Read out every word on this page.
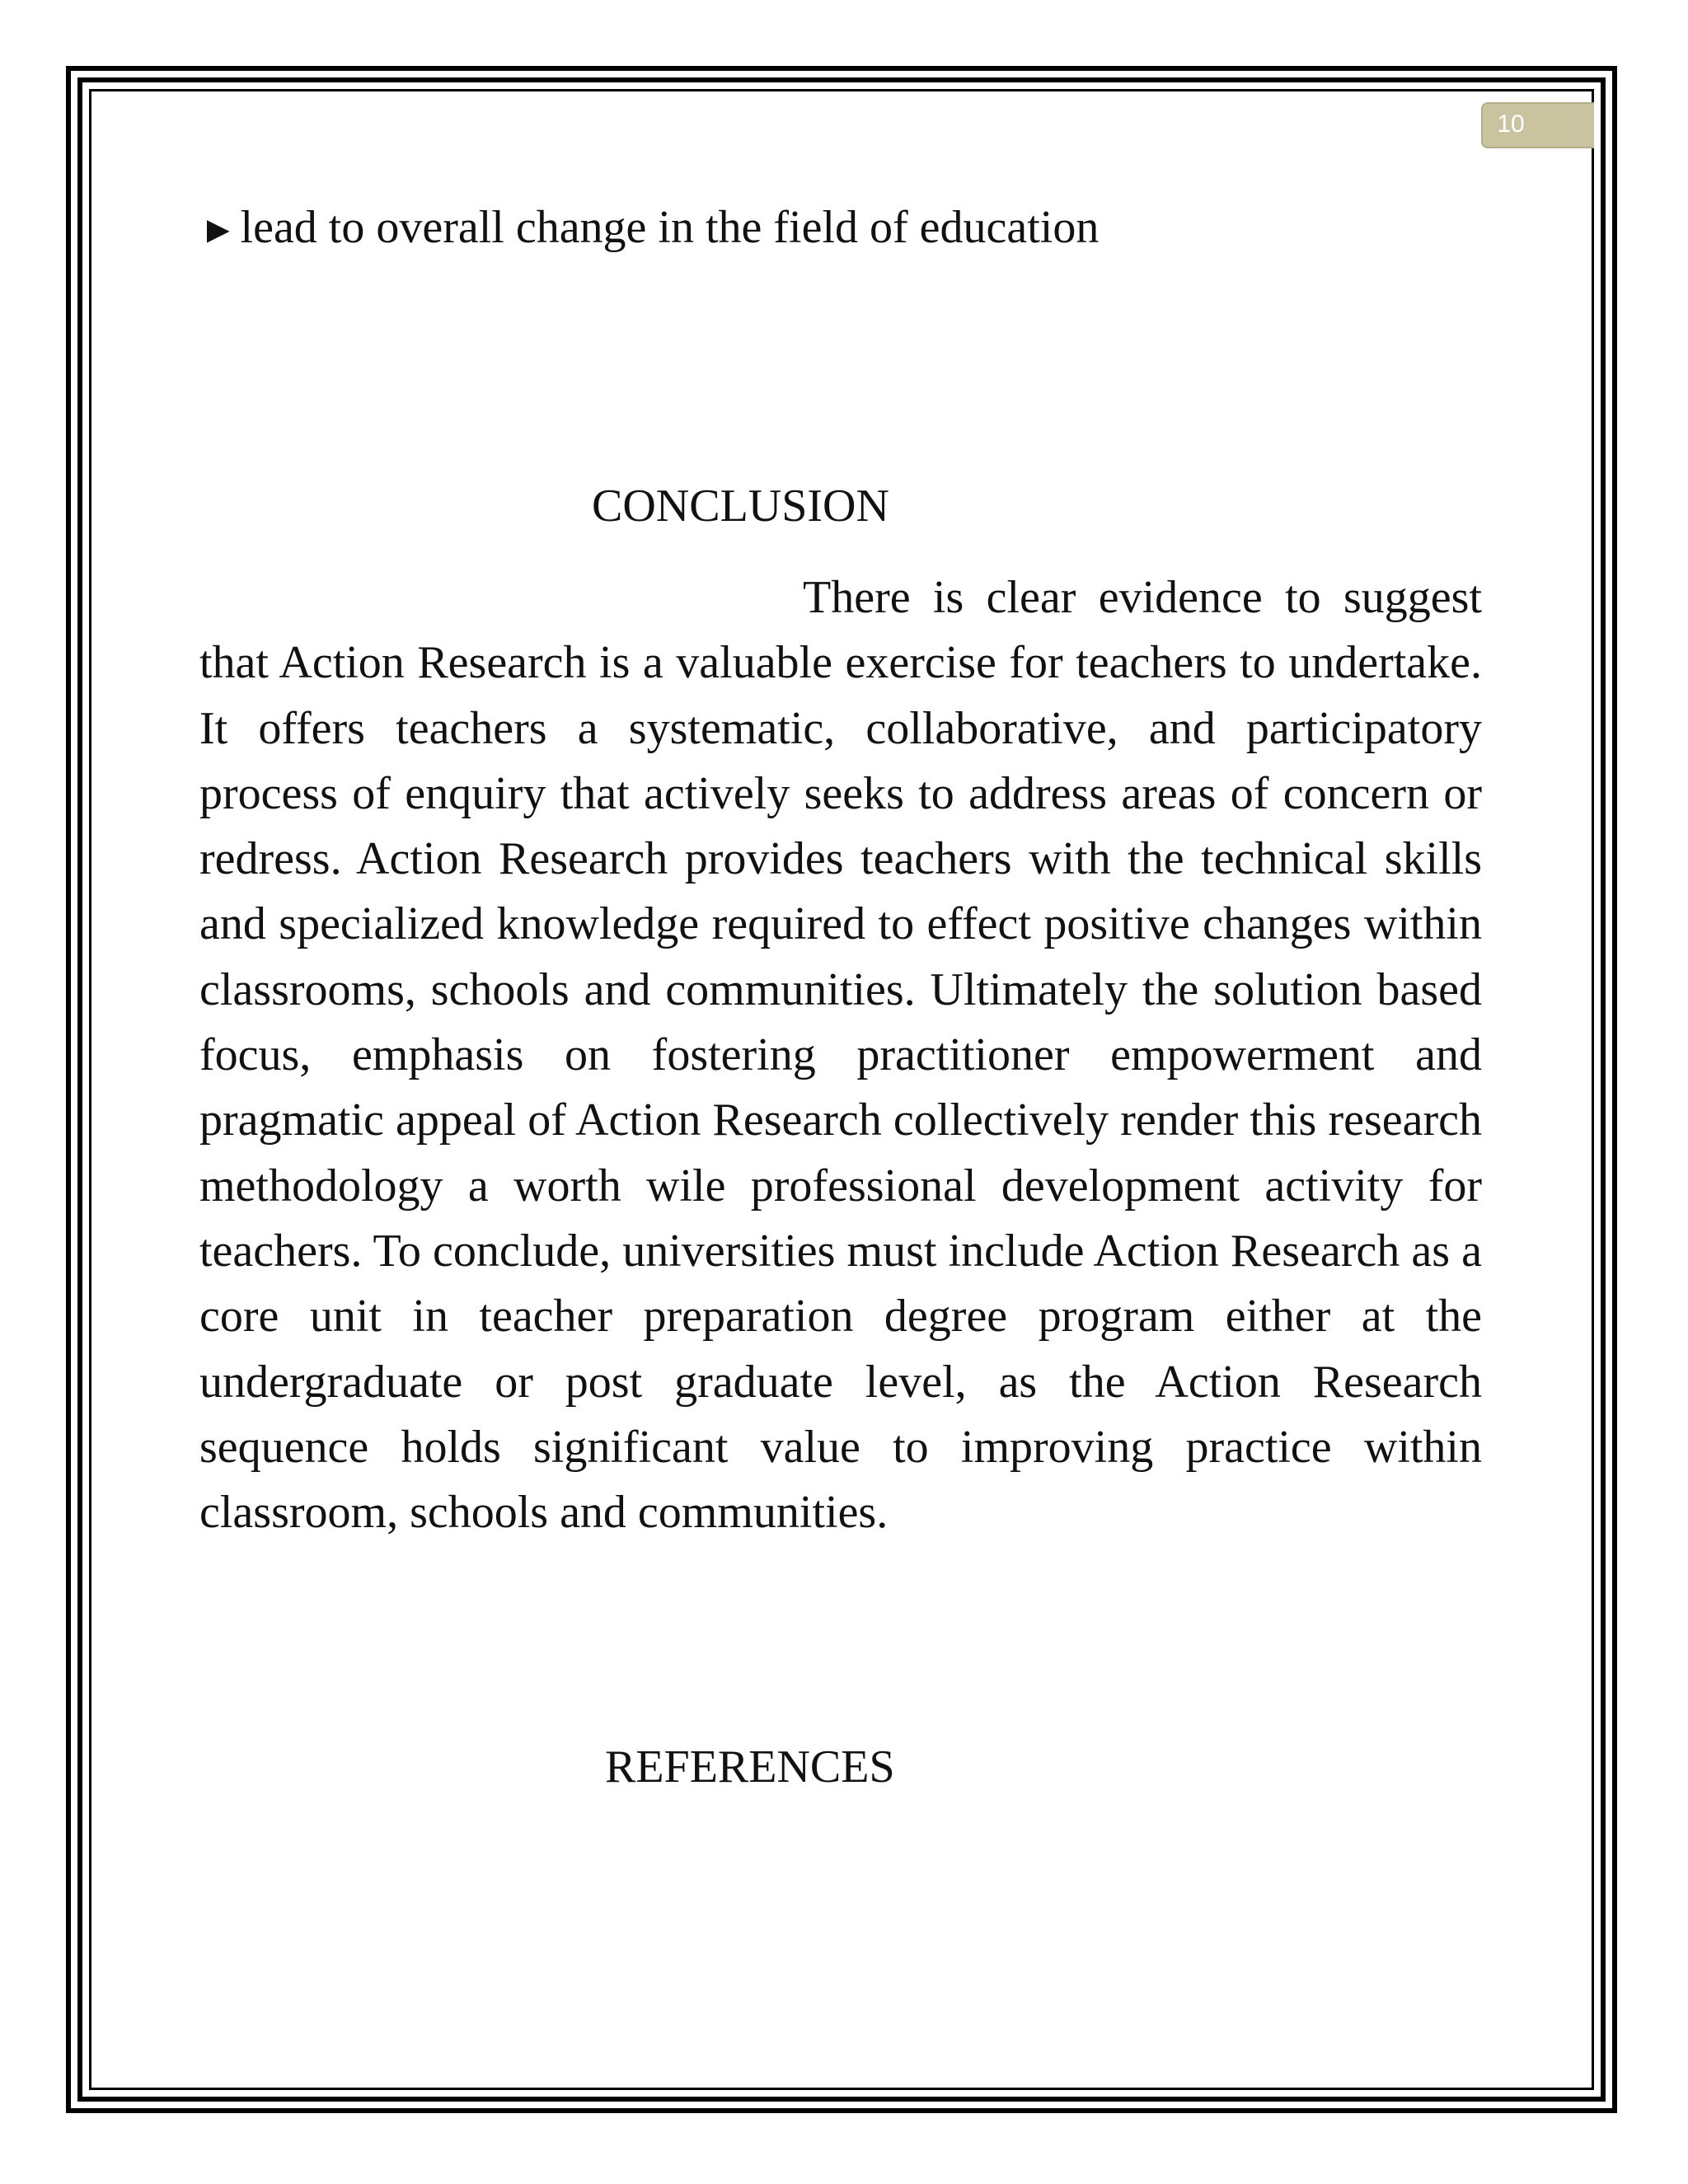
10
►lead to overall change in the field of education
CONCLUSION

There is clear evidence to suggest that Action Research is a valuable exercise for teachers to undertake. It offers teachers a systematic, collaborative, and participatory process of enquiry that actively seeks to address areas of concern or redress. Action Research provides teachers with the technical skills and specialized knowledge required to effect positive changes within classrooms, schools and communities. Ultimately the solution based focus, emphasis on fostering practitioner empowerment and pragmatic appeal of Action Research collectively render this research methodology a worth wile professional development activity for teachers. To conclude, universities must include Action Research as a core unit in teacher preparation degree program either at the undergraduate or post graduate level, as the Action Research sequence holds significant value to improving practice within classroom, schools and communities.

REFERENCES
